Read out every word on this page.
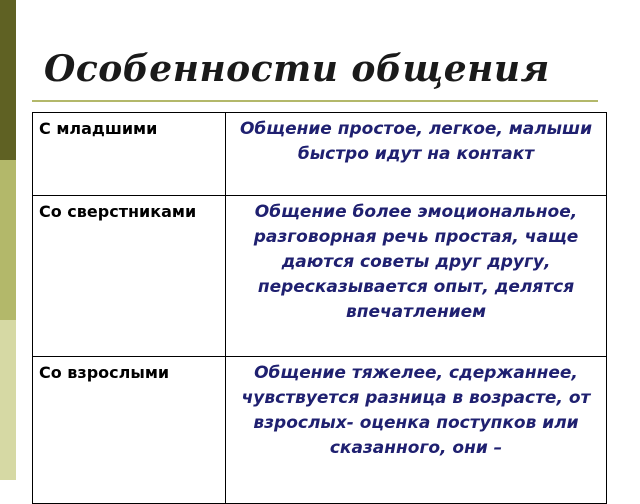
Особенности общения
С младшими	Общение простое, легкое, малыши быстро идут на контакт
Со сверстниками	Общение более эмоциональное, разговорная речь простая, чаще даются советы друг другу, пересказывается опыт, делятся впечатлением
Со взрослыми	Общение тяжелее, сдержаннее, чувствуется разница в возрасте, от взрослых- оценка поступков или сказанного, они –
